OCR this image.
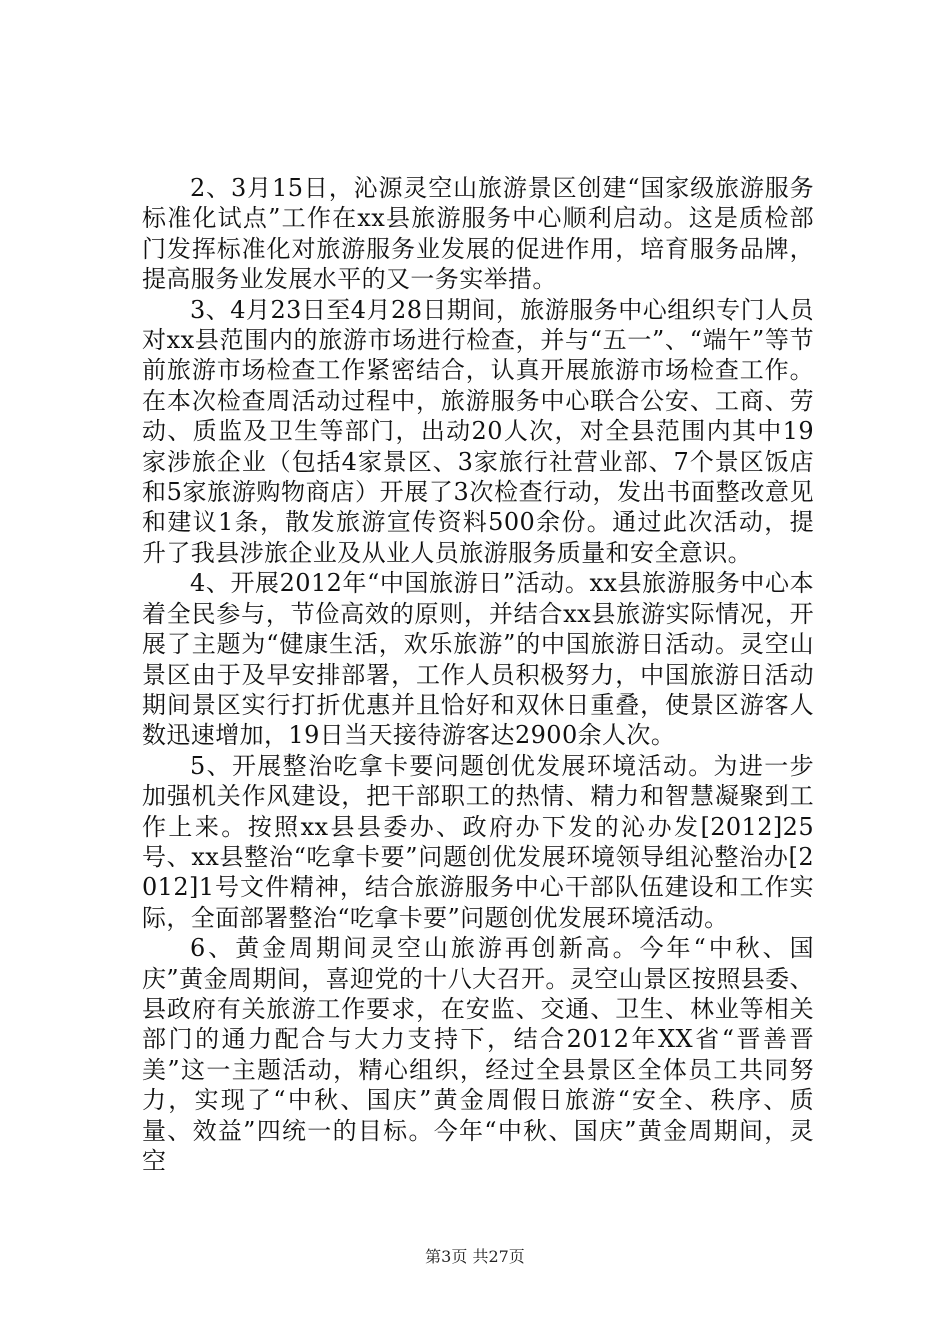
2、3月15日，沁源灵空山旅游景区创建“国家级旅游服务标准化试点”工作在xx县旅游服务中心顺利启动。这是质检部门发挥标准化对旅游服务业发展的促进作用，培育服务品牌，提高服务业发展水平的又一务实举措。

3、4月23日至4月28日期间，旅游服务中心组织专门人员对xx县范围内的旅游市场进行检查，并与“五一”、“端午”等节前旅游市场检查工作紧密结合，认真开展旅游市场检查工作。在本次检查周活动过程中，旅游服务中心联合公安、工商、劳动、质监及卫生等部门，出动20人次，对全县范围内其中19家涉旅企业（包括4家景区、3家旅行社营业部、7个景区饭店和5家旅游购物商店）开展了3次检查行动，发出书面整改意见和建议1条，散发旅游宣传资料500余份。通过此次活动，提升了我县涉旅企业及从业人员旅游服务质量和安全意识。

4、开展2012年“中国旅游日”活动。xx县旅游服务中心本着全民参与，节俭高效的原则，并结合xx县旅游实际情况，开展了主题为“健康生活，欢乐旅游”的中国旅游日活动。灵空山景区由于及早安排部署，工作人员积极努力，中国旅游日活动期间景区实行打折优惠并且恰好和双休日重叠，使景区游客人数迅速增加，19日当天接待游客达2900余人次。

5、开展整治吃拿卡要问题创优发展环境活动。为进一步加强机关作风建设，把干部职工的热情、精力和智慧凝聚到工作上来。按照xx县县委办、政府办下发的沁办发[2012]25号、xx县整治“吃拿卡要”问题创优发展环境领导组沁整治办[2012]1号文件精神，结合旅游服务中心干部队伍建设和工作实际，全面部署整治“吃拿卡要”问题创优发展环境活动。

6、黄金周期间灵空山旅游再创新高。今年“中秋、国庆”黄金周期间，喜迎党的十八大召开。灵空山景区按照县委、县政府有关旅游工作要求，在安监、交通、卫生、林业等相关部门的通力配合与大力支持下，结合2012年XX省“晋善晋美”这一主题活动，精心组织，经过全县景区全体员工共同努力，实现了“中秋、国庆”黄金周假日旅游“安全、秩序、质量、效益”四统一的目标。今年“中秋、国庆”黄金周期间，灵空

第3页 共27页
